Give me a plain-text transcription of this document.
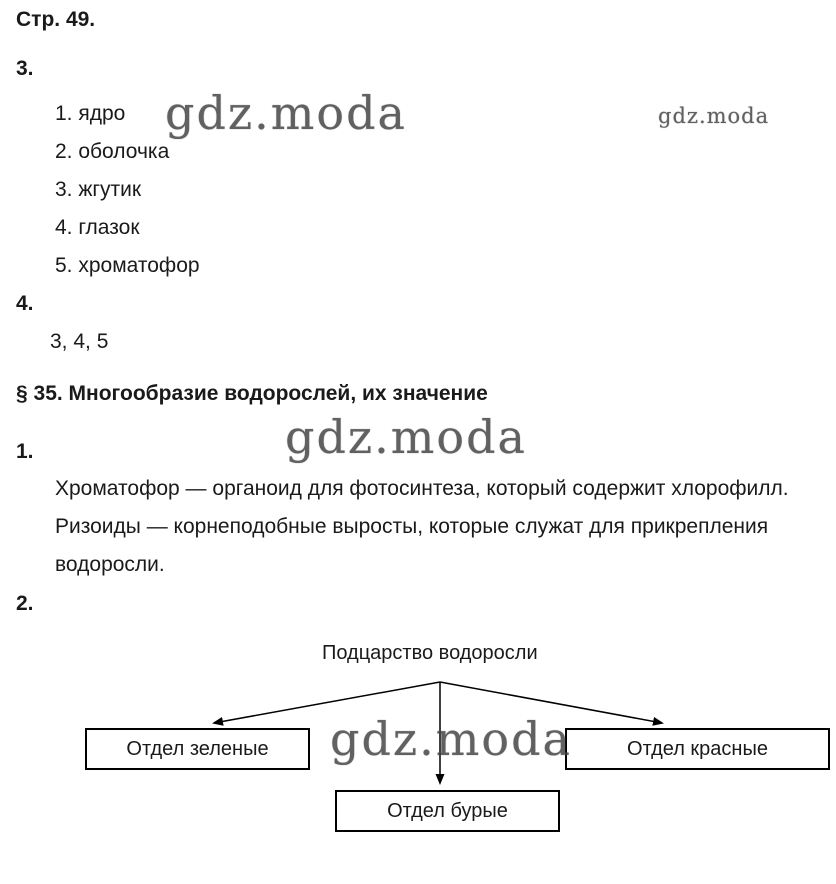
Стр. 49.
3.
1. ядро
2. оболочка
3. жгутик
4. глазок
5. хроматофор
gdz.moda	gdz.moda
4.
3, 4, 5
§ 35. Многообразие водорослей, их значение
gdz.moda
1.
Хроматофор — органоид для фотосинтеза, который содержит хлорофилл.
Ризоиды — корнеподобные выросты, которые служат для прикрепления
водоросли.
2.
Подцарство водоросли
Отдел зеленые	Отдел красные
Отдел бурые
gdz.moda
